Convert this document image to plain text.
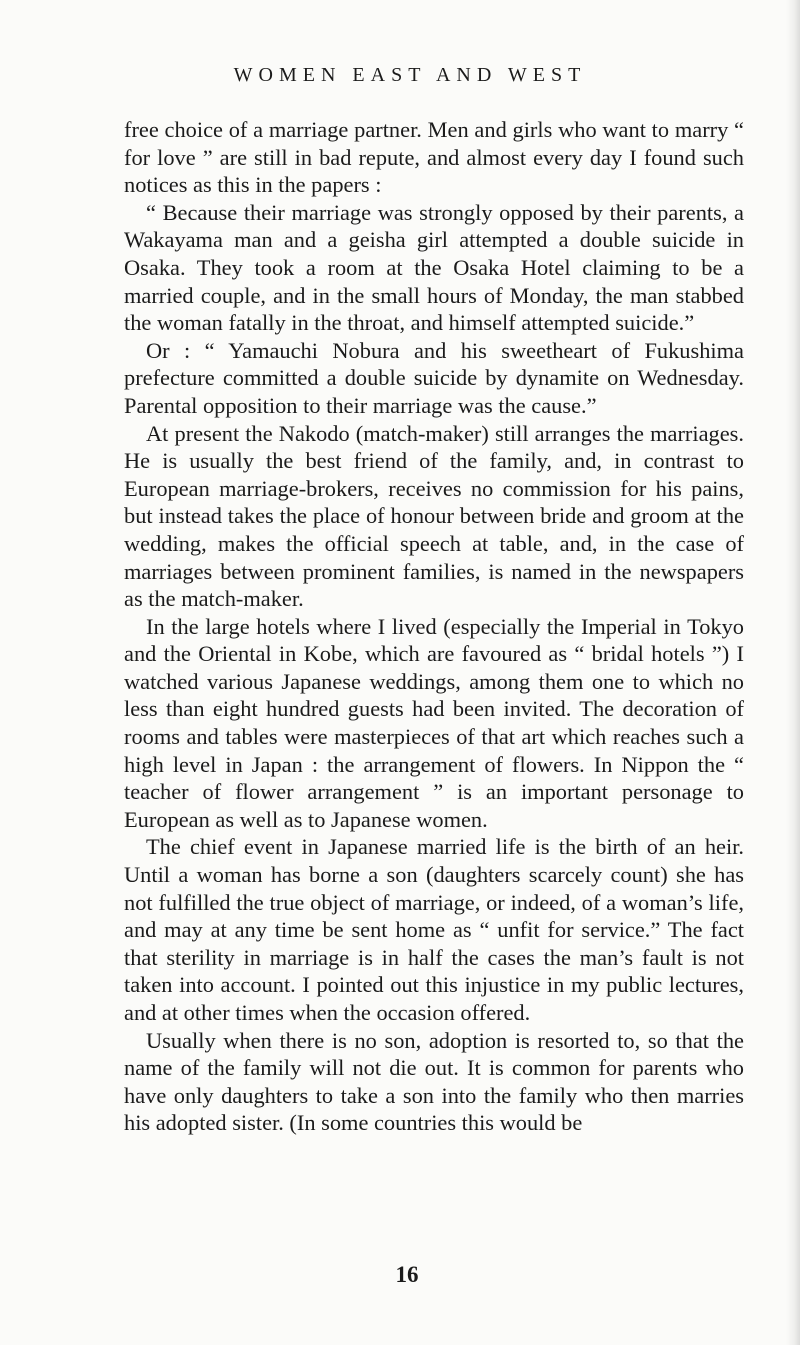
WOMEN EAST AND WEST

free choice of a marriage partner. Men and girls who want to marry “ for love ” are still in bad repute, and almost every day I found such notices as this in the papers :

“ Because their marriage was strongly opposed by their parents, a Wakayama man and a geisha girl attempted a double suicide in Osaka. They took a room at the Osaka Hotel claiming to be a married couple, and in the small hours of Monday, the man stabbed the woman fatally in the throat, and himself attempted suicide.”

Or : “ Yamauchi Nobura and his sweetheart of Fukushima prefecture committed a double suicide by dynamite on Wednesday. Parental opposition to their marriage was the cause.”

At present the Nakodo (match-maker) still arranges the marriages. He is usually the best friend of the family, and, in contrast to European marriage-brokers, receives no commission for his pains, but instead takes the place of honour between bride and groom at the wedding, makes the official speech at table, and, in the case of marriages between prominent families, is named in the newspapers as the match-maker.

In the large hotels where I lived (especially the Imperial in Tokyo and the Oriental in Kobe, which are favoured as “ bridal hotels ”) I watched various Japanese weddings, among them one to which no less than eight hundred guests had been invited. The decoration of rooms and tables were masterpieces of that art which reaches such a high level in Japan : the arrangement of flowers. In Nippon the “ teacher of flower arrangement ” is an important personage to European as well as to Japanese women.

The chief event in Japanese married life is the birth of an heir. Until a woman has borne a son (daughters scarcely count) she has not fulfilled the true object of marriage, or indeed, of a woman’s life, and may at any time be sent home as “ unfit for service.” The fact that sterility in marriage is in half the cases the man’s fault is not taken into account. I pointed out this injustice in my public lectures, and at other times when the occasion offered.

Usually when there is no son, adoption is resorted to, so that the name of the family will not die out. It is common for parents who have only daughters to take a son into the family who then marries his adopted sister. (In some countries this would be

16
